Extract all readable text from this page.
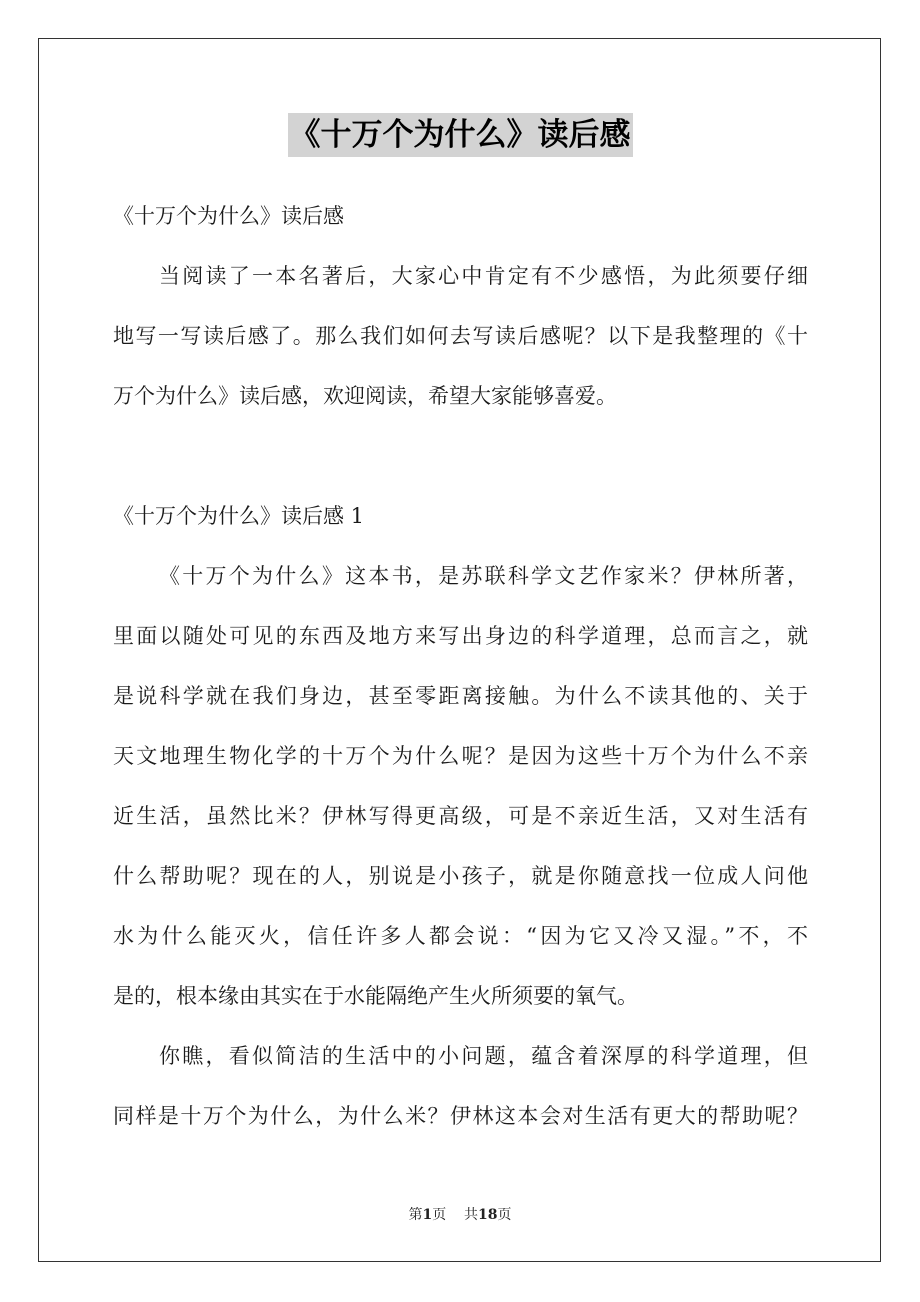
《十万个为什么》读后感
《十万个为什么》读后感
当阅读了一本名著后，大家心中肯定有不少感悟，为此须要仔细
地写一写读后感了。那么我们如何去写读后感呢？以下是我整理的《十
万个为什么》读后感，欢迎阅读，希望大家能够喜爱。
《十万个为什么》读后感 1
《十万个为什么》这本书，是苏联科学文艺作家米？伊林所著，
里面以随处可见的东西及地方来写出身边的科学道理，总而言之，就
是说科学就在我们身边，甚至零距离接触。为什么不读其他的、关于
天文地理生物化学的十万个为什么呢？是因为这些十万个为什么不亲
近生活，虽然比米？伊林写得更高级，可是不亲近生活，又对生活有
什么帮助呢？现在的人，别说是小孩子，就是你随意找一位成人问他
水为什么能灭火，信任许多人都会说：“因为它又冷又湿。”不，不
是的，根本缘由其实在于水能隔绝产生火所须要的氧气。
你瞧，看似简洁的生活中的小问题，蕴含着深厚的科学道理，但
同样是十万个为什么，为什么米？伊林这本会对生活有更大的帮助呢？
第1页 共18页
